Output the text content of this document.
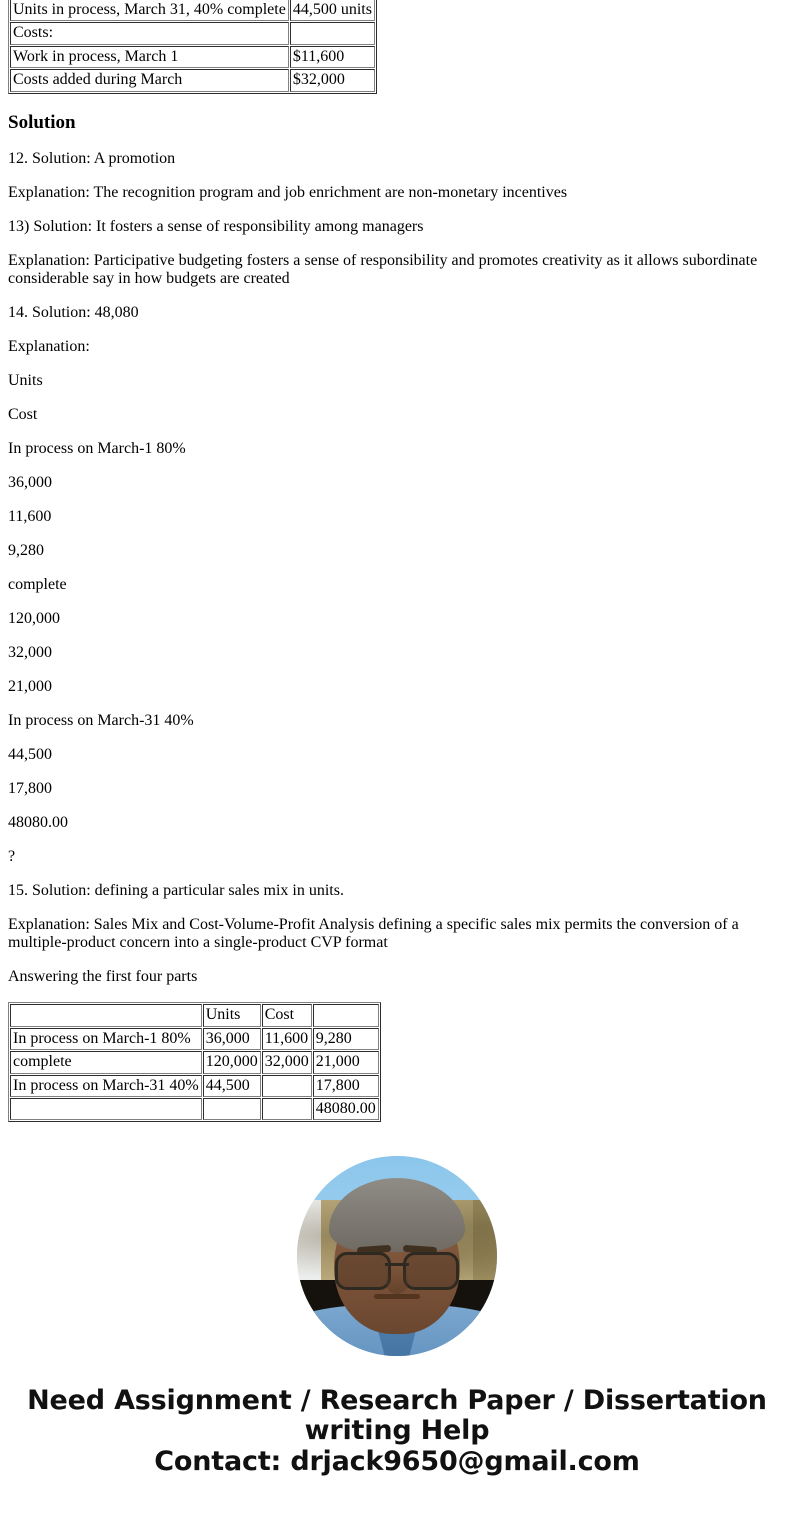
Units in process, March 31, 40% complete	44,500 units
Costs:	
Work in process, March 1	$11,600
Costs added during March	$32,000
Solution

12. Solution: A promotion

Explanation: The recognition program and job enrichment are non-monetary incentives

13) Solution: It fosters a sense of responsibility among managers

Explanation: Participative budgeting fosters a sense of responsibility and promotes creativity as it allows subordinate considerable say in how budgets are created

14. Solution: 48,080

Explanation:

Units

Cost

In process on March-1 80%

36,000

11,600

9,280

complete

120,000

32,000

21,000

In process on March-31 40%

44,500

17,800

48080.00

?

15. Solution: defining a particular sales mix in units.

Explanation: Sales Mix and Cost-Volume-Profit Analysis defining a specific sales mix permits the conversion of a multiple-product concern into a single-product CVP format

Answering the first four parts

	Units	Cost	
In process on March-1 80%	36,000	11,600	9,280
complete	120,000	32,000	21,000
In process on March-31 40%	44,500		17,800
			48080.00
Need Assignment / Research Paper / Dissertation writing Help
Contact: drjack9650@gmail.com
